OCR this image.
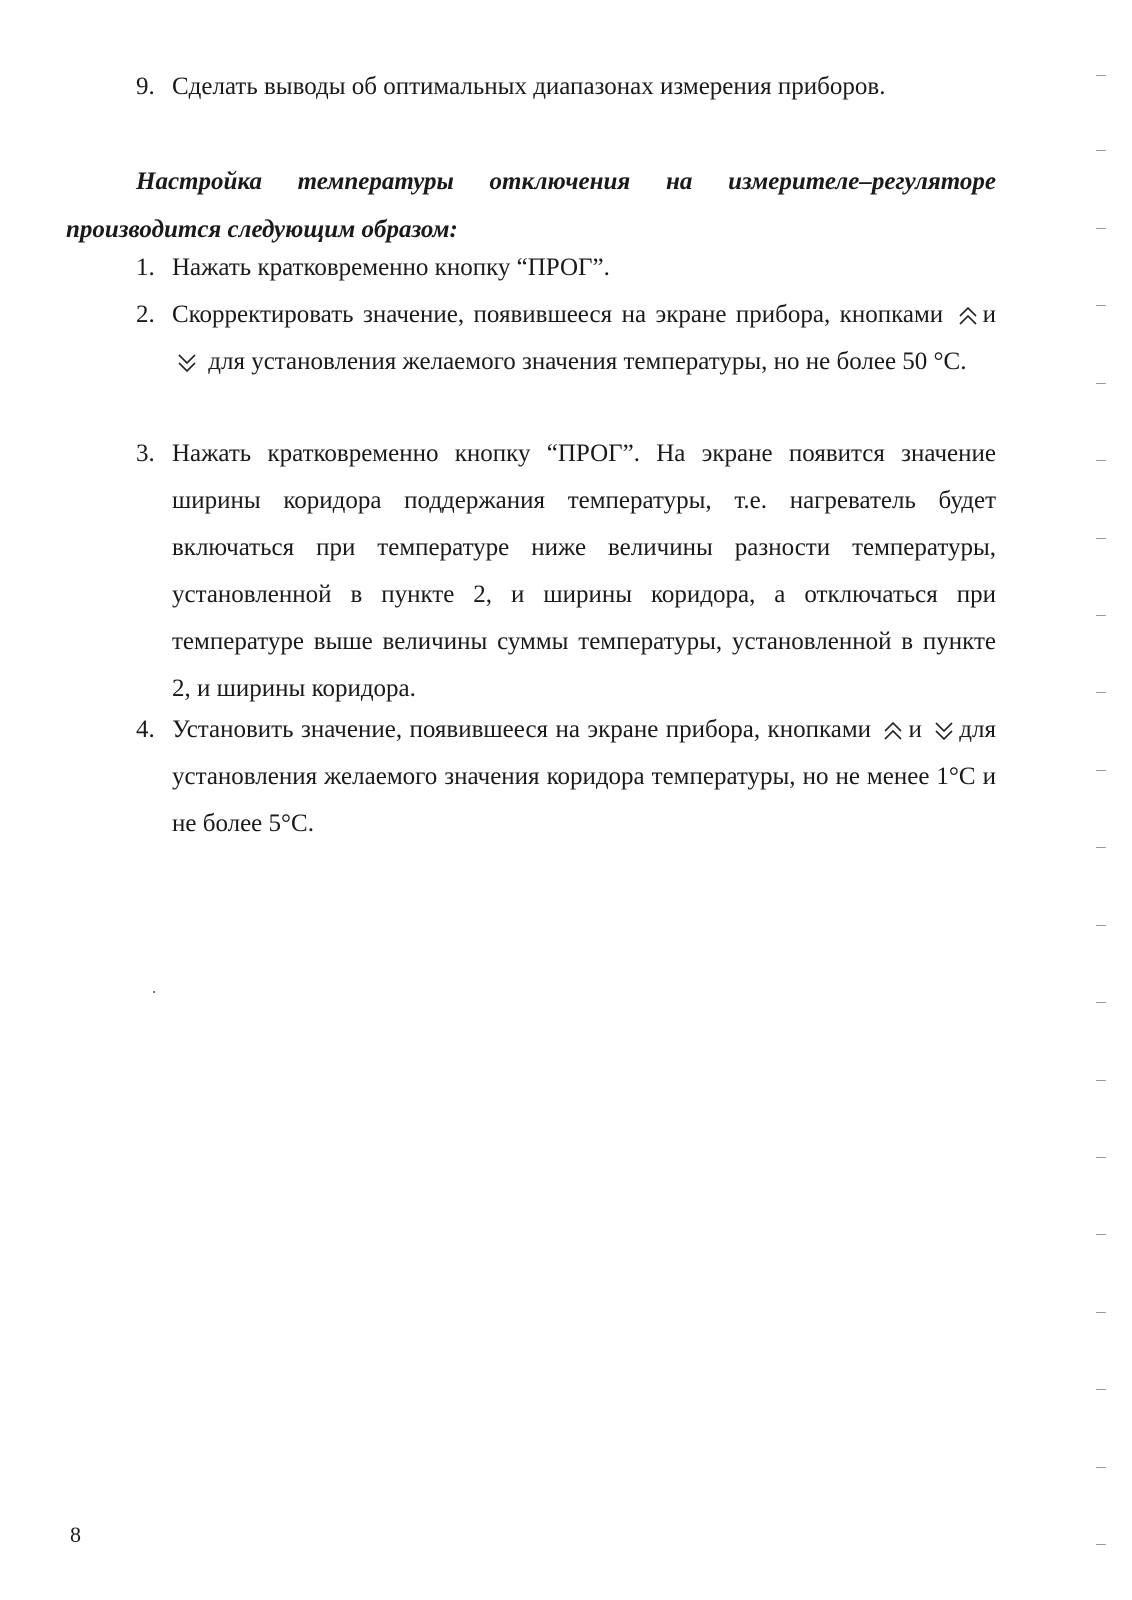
9. Сделать выводы об оптимальных диапазонах измерения приборов.
Настройка температуры отключения на измерителе–регуляторе
производится следующим образом:
1. Нажать кратковременно кнопку “ПРОГ”.
2. Скорректировать значение, появившееся на экране прибора, кнопками и
для установления желаемого значения температуры, но не более 50 °С.
3. Нажать кратковременно кнопку “ПРОГ”. На экране появится значение ширины коридора поддержания температуры, т.е. нагреватель будет включаться при температуре ниже величины разности температуры, установленной в пункте 2, и ширины коридора, а отключаться при температуре выше величины суммы температуры, установленной в пункте 2, и ширины коридора.
4. Установить значение, появившееся на экране прибора, кнопками и для установления желаемого значения коридора температуры, но не менее 1°С и не более 5°С.
8
